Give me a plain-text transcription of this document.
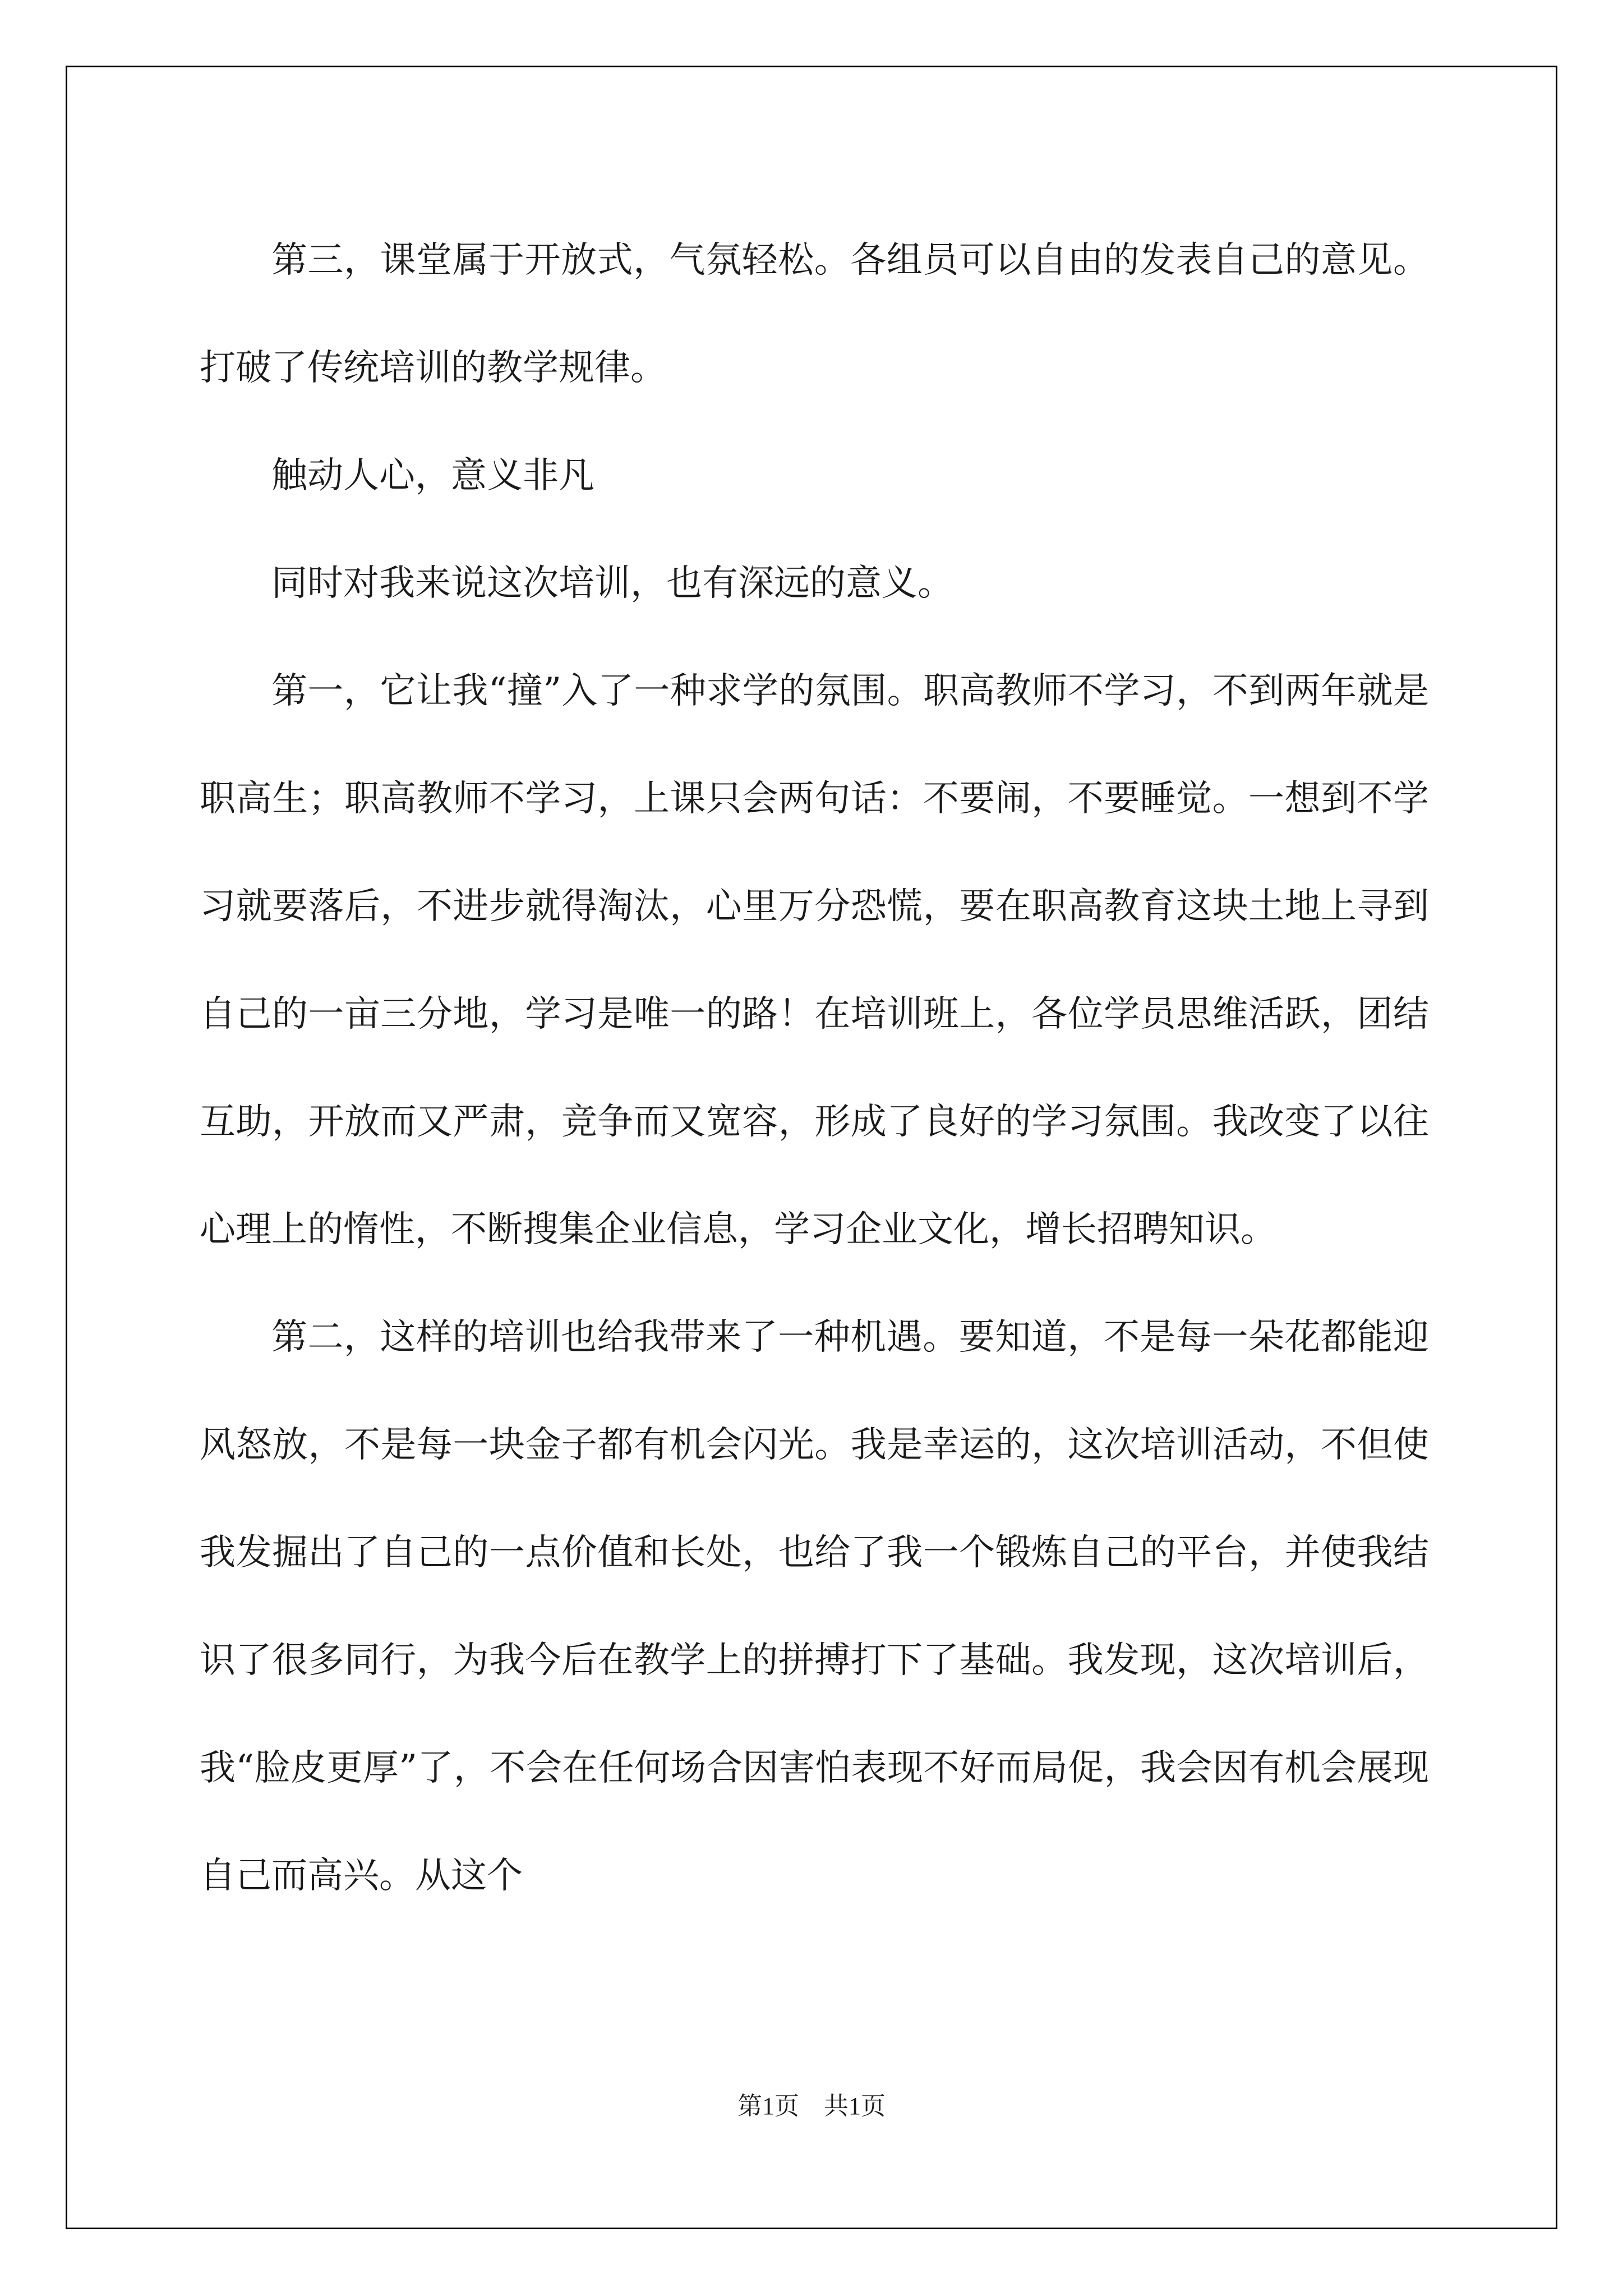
第三，课堂属于开放式，气氛轻松。各组员可以自由的发表自己的意见。打破了传统培训的教学规律。

触动人心，意义非凡

同时对我来说这次培训，也有深远的意义。

第一，它让我“撞”入了一种求学的氛围。职高教师不学习，不到两年就是职高生；职高教师不学习，上课只会两句话：不要闹，不要睡觉。一想到不学习就要落后，不进步就得淘汰，心里万分恐慌，要在职高教育这块土地上寻到自己的一亩三分地，学习是唯一的路！在培训班上，各位学员思维活跃，团结互助，开放而又严肃，竞争而又宽容，形成了良好的学习氛围。我改变了以往心理上的惰性，不断搜集企业信息，学习企业文化，增长招聘知识。

第二，这样的培训也给我带来了一种机遇。要知道，不是每一朵花都能迎风怒放，不是每一块金子都有机会闪光。我是幸运的，这次培训活动，不但使我发掘出了自己的一点价值和长处，也给了我一个锻炼自己的平台，并使我结识了很多同行，为我今后在教学上的拼搏打下了基础。我发现，这次培训后，我“脸皮更厚”了，不会在任何场合因害怕表现不好而局促，我会因有机会展现自己而高兴。从这个

第1页 共1页
